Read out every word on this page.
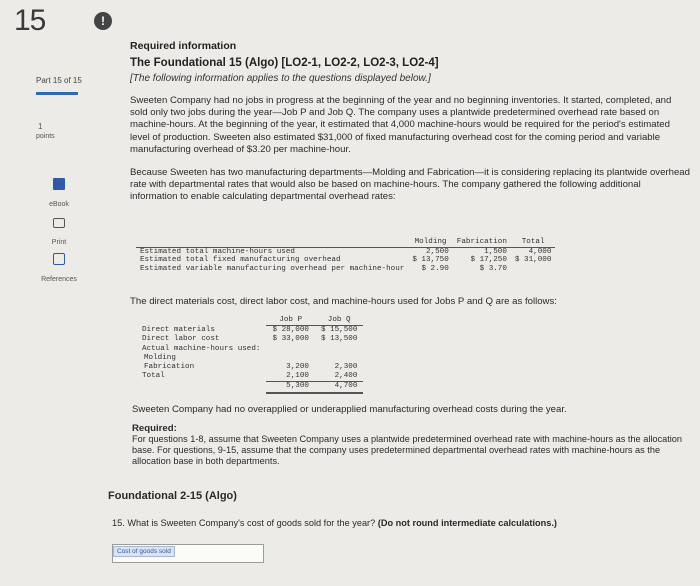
15	!
Part 15 of 15
1
points
eBook
Print
References
Required information
The Foundational 15 (Algo) [LO2-1, LO2-2, LO2-3, LO2-4]
[The following information applies to the questions displayed below.]
Sweeten Company had no jobs in progress at the beginning of the year and no beginning inventories. It started, completed, and sold only two jobs during the year—Job P and Job Q. The company uses a plantwide predetermined overhead rate based on machine-hours. At the beginning of the year, it estimated that 4,000 machine-hours would be required for the period's estimated level of production. Sweeten also estimated $31,000 of fixed manufacturing overhead cost for the coming period and variable manufacturing overhead of $3.20 per machine-hour.
Because Sweeten has two manufacturing departments—Molding and Fabrication—it is considering replacing its plantwide overhead rate with departmental rates that would also be based on machine-hours. The company gathered the following additional information to enable calculating departmental overhead rates:
	Molding	Fabrication	Total
Estimated total machine-hours used	2,500	1,500	4,000
Estimated total fixed manufacturing overhead	$ 13,750	$ 17,250	$ 31,000
Estimated variable manufacturing overhead per machine-hour	$ 2.90	$ 3.70	
The direct materials cost, direct labor cost, and machine-hours used for Jobs P and Q are as follows:
	Job P	Job Q
Direct materials	$ 28,000	$ 15,500
Direct labor cost	$ 33,000	$ 13,500
Actual machine-hours used:		
Molding		
Fabrication	3,200	2,300
Total	2,100	2,400
	5,300	4,700
Sweeten Company had no overapplied or underapplied manufacturing overhead costs during the year.
Required:
For questions 1-8, assume that Sweeten Company uses a plantwide predetermined overhead rate with machine-hours as the allocation base. For questions, 9-15, assume that the company uses predetermined departmental overhead rates with machine-hours as the allocation base in both departments.
Foundational 2-15 (Algo)
15. What is Sweeten Company's cost of goods sold for the year? (Do not round intermediate calculations.)
Cost of goods sold
